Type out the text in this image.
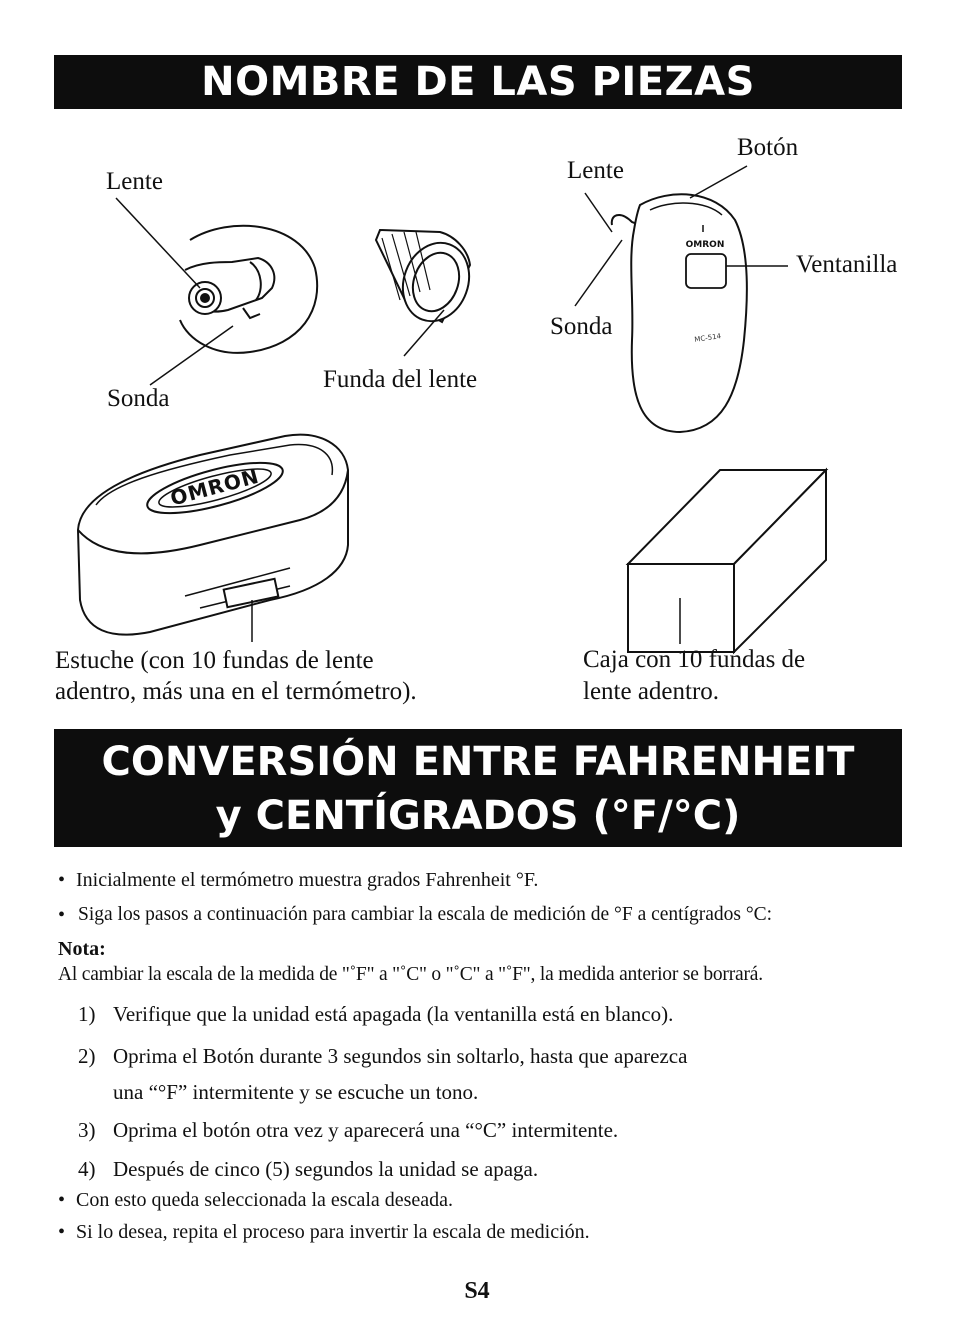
NOMBRE DE LAS PIEZAS
OMRON
MC-514
OMRON
Lente
Sonda
Funda del lente
Lente
Botón
Ventanilla
Sonda
Estuche (con 10 fundas de lente
adentro, más una en el termómetro).
Caja con 10 fundas de
lente adentro.
CONVERSIÓN ENTRE FAHRENHEIT
y CENTÍGRADOS (°F/°C)
• Inicialmente el termómetro muestra grados Fahrenheit °F.
• Siga los pasos a continuación para cambiar la escala de medición de °F a centígrados °C:
Nota:
Al cambiar la escala de la medida de "˚F" a "˚C" o "˚C" a "˚F", la medida anterior se borrará.
1) Verifique que la unidad está apagada (la ventanilla está en blanco).
2) Oprima el Botón durante 3 segundos sin soltarlo, hasta que aparezca
una “°F” intermitente y se escuche un tono.
3) Oprima el botón otra vez y aparecerá una “°C” intermitente.
4) Después de cinco (5) segundos la unidad se apaga.
• Con esto queda seleccionada la escala deseada.
• Si lo desea, repita el proceso para invertir la escala de medición.
S4
